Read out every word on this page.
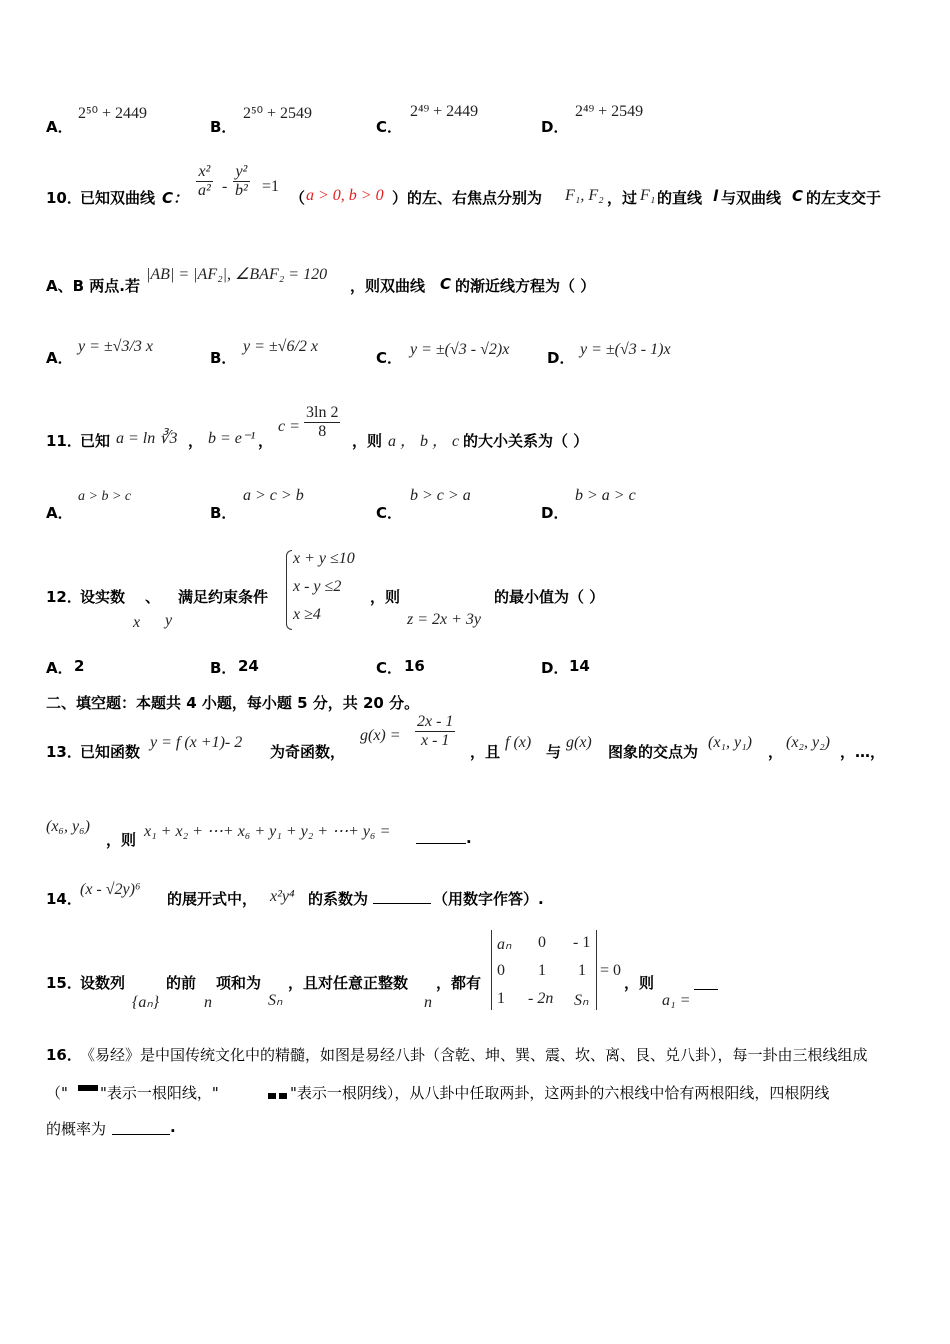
A．
2⁵⁰ + 2449
B．
2⁵⁰ + 2549
C．
2⁴⁹ + 2449
D．
2⁴⁹ + 2549
10．
已知双曲线 C： $\frac{\text{x²}}{\text{a²}} - \frac{\text{y²}}{\text{b²}} =1$
（ a > 0, b > 0 ）的左、右焦点分别为 F₁, F₂ ，过 F₁ 的直线 l 与双曲线 C 的左支交于
A、B 两点.若
|AB| = |AF₂|, ∠BAF₂ = 120
，则双曲线 C 的渐近线方程为（ ）
A．
y = ±√3/3 x
B．
y = ±√6/2 x
C． y = ±(√3 - √2)x	D． y = ±(√3 - 1)x
11．
已知 a = ln ∛3 ， b = e⁻¹ ，
$c = \frac{3\ln 2}{8}$ ，则 a ， b ， c 的大小关系为（ ）
A．
a > b > c
B．
a > c > b
C．
b > c > a
D．
b > a > c
12．
设实数 、 满足约束条件
x y
x + y ≤10
x - y ≤2
x ≥4
，则
z = 2x + 3y
的最小值为（ ）
A． 2	B． 24	C． 16	D． 14
二、填空题：本题共 4 小题，每小题 5 分，共 20 分。
13．
已知函数
y = f (x +1)- 2
为奇函数，
$g(x) = \frac{2x - 1}{x - 1}$
，且
f (x)
与
g(x)
图象的交点为
(x₁, y₁)
，
(x₂, y₂)
，…，
(x₆, y₆)
，则 x₁ + x₂ + ⋯+ x₆ + y₁ + y₂ + ⋯+ y₆ =	.
14．
(x - √2y)⁶
的展开式中， x²y⁴ 的系数为	（用数字作答）.
15．
设数列
{aₙ}
的前
n
项和为
Sₙ
，且对任意正整数
n
，都有
aₙ 0 - 1
0 1 1
1 - 2n Sₙ
= 0
，则
a₁ =
16．
《易经》是中国传统文化中的精髓，如图是易经八卦（含乾、坤、巽、震、坎、离、艮、兑八卦），每一卦由三根线组成
（" "表示一根阳线，"	"表示一根阴线），从八卦中任取两卦，这两卦的六根线中恰有两根阳线，四根阴线
的概率为	.
